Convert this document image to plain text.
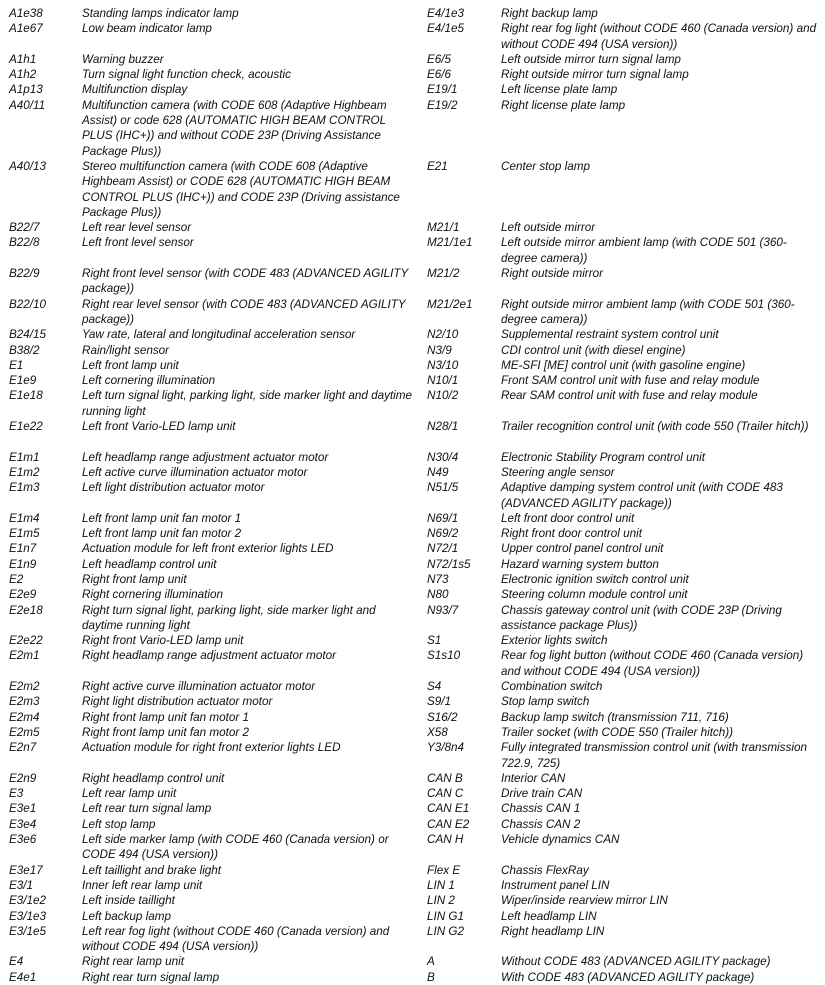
A1e38	Standing lamps indicator lamp
A1e67	Low beam indicator lamp
A1h1	Warning buzzer
A1h2	Turn signal light function check, acoustic
A1p13	Multifunction display
A40/11	Multifunction camera (with CODE 608 (Adaptive Highbeam Assist) or code 628 (AUTOMATIC HIGH BEAM CONTROL PLUS (IHC+)) and without CODE 23P (Driving Assistance Package Plus))
A40/13	Stereo multifunction camera (with CODE 608 (Adaptive Highbeam Assist) or CODE 628 (AUTOMATIC HIGH BEAM CONTROL PLUS (IHC+)) and CODE 23P (Driving assistance Package Plus))
B22/7	Left rear level sensor
B22/8	Left front level sensor
B22/9	Right front level sensor (with CODE 483 (ADVANCED AGILITY package))
B22/10	Right rear level sensor (with CODE 483 (ADVANCED AGILITY package))
B24/15	Yaw rate, lateral and longitudinal acceleration sensor
B38/2	Rain/light sensor
E1	Left front lamp unit
E1e9	Left cornering illumination
E1e18	Left turn signal light, parking light, side marker light and daytime running light
E1e22	Left front Vario-LED lamp unit
E1m1	Left headlamp range adjustment actuator motor
E1m2	Left active curve illumination actuator motor
E1m3	Left light distribution actuator motor
E1m4	Left front lamp unit fan motor 1
E1m5	Left front lamp unit fan motor 2
E1n7	Actuation module for left front exterior lights LED
E1n9	Left headlamp control unit
E2	Right front lamp unit
E2e9	Right cornering illumination
E2e18	Right turn signal light, parking light, side marker light and daytime running light
E2e22	Right front Vario-LED lamp unit
E2m1	Right headlamp range adjustment actuator motor
E2m2	Right active curve illumination actuator motor
E2m3	Right light distribution actuator motor
E2m4	Right front lamp unit fan motor 1
E2m5	Right front lamp unit fan motor 2
E2n7	Actuation module for right front exterior lights LED
E2n9	Right headlamp control unit
E3	Left rear lamp unit
E3e1	Left rear turn signal lamp
E3e4	Left stop lamp
E3e6	Left side marker lamp (with CODE 460 (Canada version) or CODE 494 (USA version))
E3e17	Left taillight and brake light
E3/1	Inner left rear lamp unit
E3/1e2	Left inside taillight
E3/1e3	Left backup lamp
E3/1e5	Left rear fog light (without CODE 460 (Canada version) and without CODE 494 (USA version))
E4	Right rear lamp unit
E4e1	Right rear turn signal lamp
E4/1e3	Right backup lamp
E4/1e5	Right rear fog light (without CODE 460 (Canada version) and without CODE 494 (USA version))
E6/5	Left outside mirror turn signal lamp
E6/6	Right outside mirror turn signal lamp
E19/1	Left license plate lamp
E19/2	Right license plate lamp
E21	Center stop lamp
M21/1	Left outside mirror
M21/1e1	Left outside mirror ambient lamp (with CODE 501 (360-degree camera))
M21/2	Right outside mirror
M21/2e1	Right outside mirror ambient lamp (with CODE 501 (360-degree camera))
N2/10	Supplemental restraint system control unit
N3/9	CDI control unit (with diesel engine)
N3/10	ME-SFI [ME] control unit (with gasoline engine)
N10/1	Front SAM control unit with fuse and relay module
N10/2	Rear SAM control unit with fuse and relay module
N28/1	Trailer recognition control unit (with code 550 (Trailer hitch))
N30/4	Electronic Stability Program control unit
N49	Steering angle sensor
N51/5	Adaptive damping system control unit (with CODE 483 (ADVANCED AGILITY package))
N69/1	Left front door control unit
N69/2	Right front door control unit
N72/1	Upper control panel control unit
N72/1s5	Hazard warning system button
N73	Electronic ignition switch control unit
N80	Steering column module control unit
N93/7	Chassis gateway control unit (with CODE 23P (Driving assistance package Plus))
S1	Exterior lights switch
S1s10	Rear fog light button (without CODE 460 (Canada version) and without CODE 494 (USA version))
S4	Combination switch
S9/1	Stop lamp switch
S16/2	Backup lamp switch (transmission 711, 716)
X58	Trailer socket (with CODE 550 (Trailer hitch))
Y3/8n4	Fully integrated transmission control unit (with transmission 722.9, 725)
CAN B	Interior CAN
CAN C	Drive train CAN
CAN E1	Chassis CAN 1
CAN E2	Chassis CAN 2
CAN H	Vehicle dynamics CAN
Flex E	Chassis FlexRay
LIN 1	Instrument panel LIN
LIN 2	Wiper/inside rearview mirror LIN
LIN G1	Left headlamp LIN
LIN G2	Right headlamp LIN
A	Without CODE 483 (ADVANCED AGILITY package)
B	With CODE 483 (ADVANCED AGILITY package)
